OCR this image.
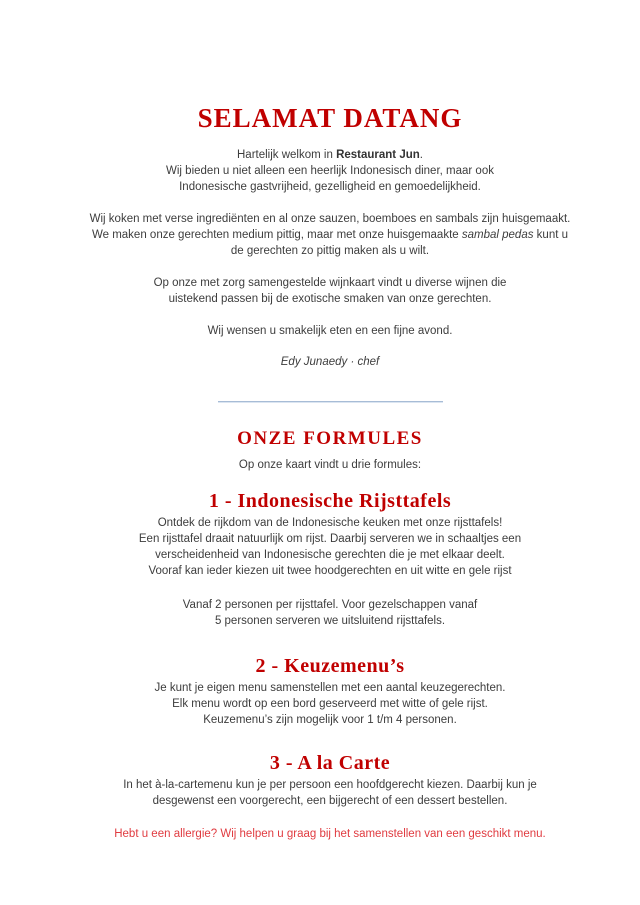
SELAMAT DATANG
Hartelijk welkom in Restaurant Jun.
Wij bieden u niet alleen een heerlijk Indonesisch diner, maar ook
Indonesische gastvrijheid, gezelligheid en gemoedelijkheid.
Wij koken met verse ingrediënten en al onze sauzen, boemboes en sambals zijn huisgemaakt.
We maken onze gerechten medium pittig, maar met onze huisgemaakte sambal pedas kunt u
de gerechten zo pittig maken als u wilt.
Op onze met zorg samengestelde wijnkaart vindt u diverse wijnen die
uistekend passen bij de exotische smaken van onze gerechten.
Wij wensen u smakelijk eten en een fijne avond.
Edy Junaedy · chef
ONZE FORMULES
Op onze kaart vindt u drie formules:
1 - Indonesische Rijsttafels
Ontdek de rijkdom van de Indonesische keuken met onze rijsttafels!
Een rijsttafel draait natuurlijk om rijst. Daarbij serveren we in schaaltjes een
verscheidenheid van Indonesische gerechten die je met elkaar deelt.
Vooraf kan ieder kiezen uit twee hoodgerechten en uit witte en gele rijst
Vanaf 2 personen per rijsttafel. Voor gezelschappen vanaf
5 personen serveren we uitsluitend rijsttafels.
2 - Keuzemenu’s
Je kunt je eigen menu samenstellen met een aantal keuzegerechten.
Elk menu wordt op een bord geserveerd met witte of gele rijst.
Keuzemenu’s zijn mogelijk voor 1 t/m 4 personen.
3 - A la Carte
In het à-la-cartemenu kun je per persoon een hoofdgerecht kiezen. Daarbij kun je
desgewenst een voorgerecht, een bijgerecht of een dessert bestellen.
Hebt u een allergie? Wij helpen u graag bij het samenstellen van een geschikt menu.
